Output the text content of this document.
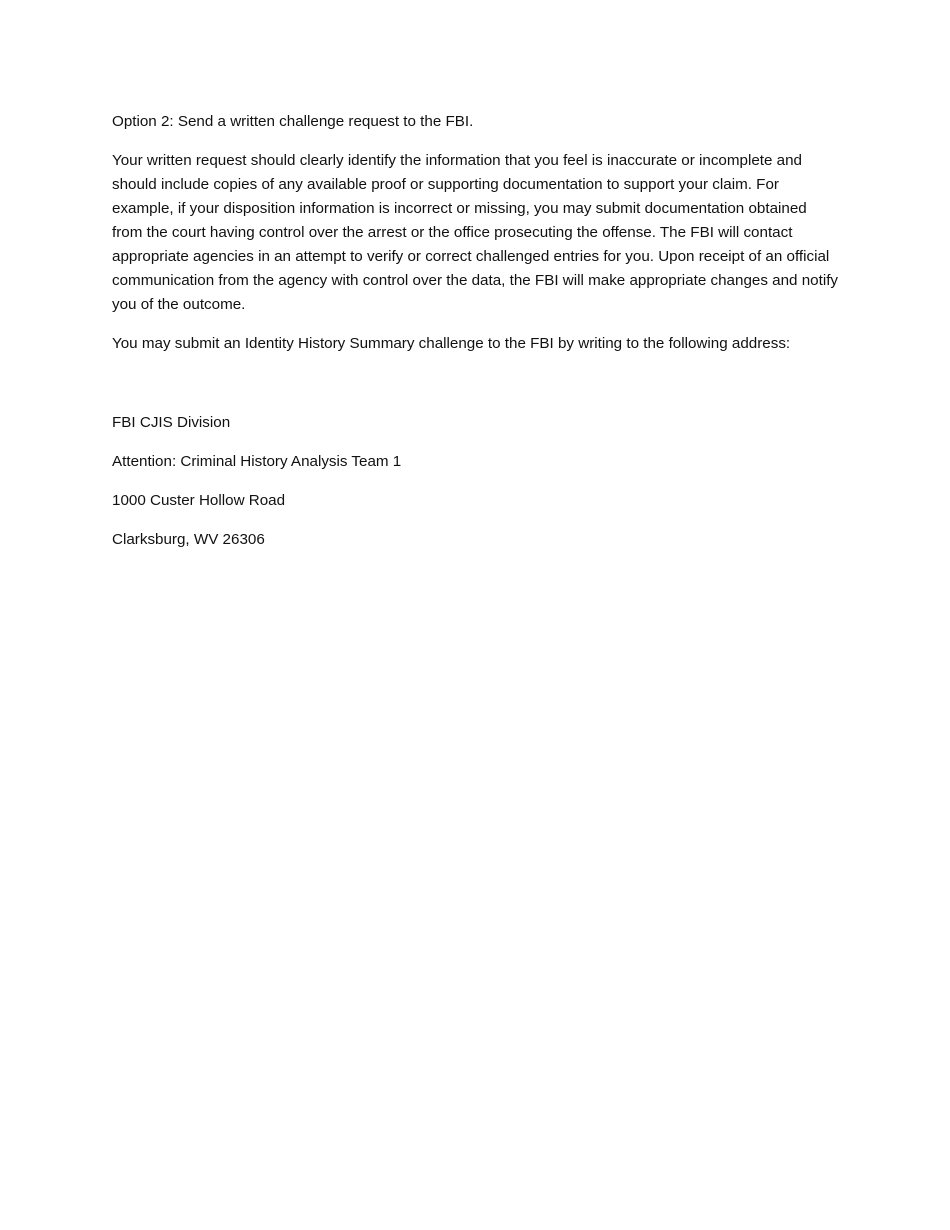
Option 2: Send a written challenge request to the FBI.

Your written request should clearly identify the information that you feel is inaccurate or incomplete and should include copies of any available proof or supporting documentation to support your claim. For example, if your disposition information is incorrect or missing, you may submit documentation obtained from the court having control over the arrest or the office prosecuting the offense. The FBI will contact appropriate agencies in an attempt to verify or correct challenged entries for you. Upon receipt of an official communication from the agency with control over the data, the FBI will make appropriate changes and notify you of the outcome.

You may submit an Identity History Summary challenge to the FBI by writing to the following address:

FBI CJIS Division

Attention: Criminal History Analysis Team 1

1000 Custer Hollow Road

Clarksburg, WV 26306
